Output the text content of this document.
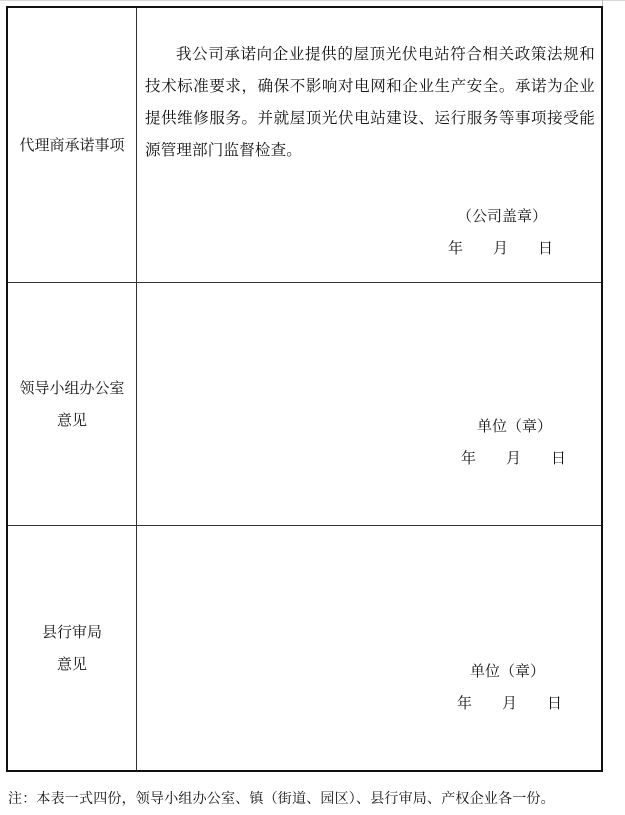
代理商承诺事项
我公司承诺向企业提供的屋顶光伏电站符合相关政策法规和技术标准要求，确保不影响对电网和企业生产安全。承诺为企业提供维修服务。并就屋顶光伏电站建设、运行服务等事项接受能源管理部门监督检查。
（公司盖章）
年 月 日
领导小组办公室
意见	单位（章）
年 月 日
县行审局
意见	单位（章）
年 月 日
注：本表一式四份，领导小组办公室、镇（街道、园区）、县行审局、产权企业各一份。
